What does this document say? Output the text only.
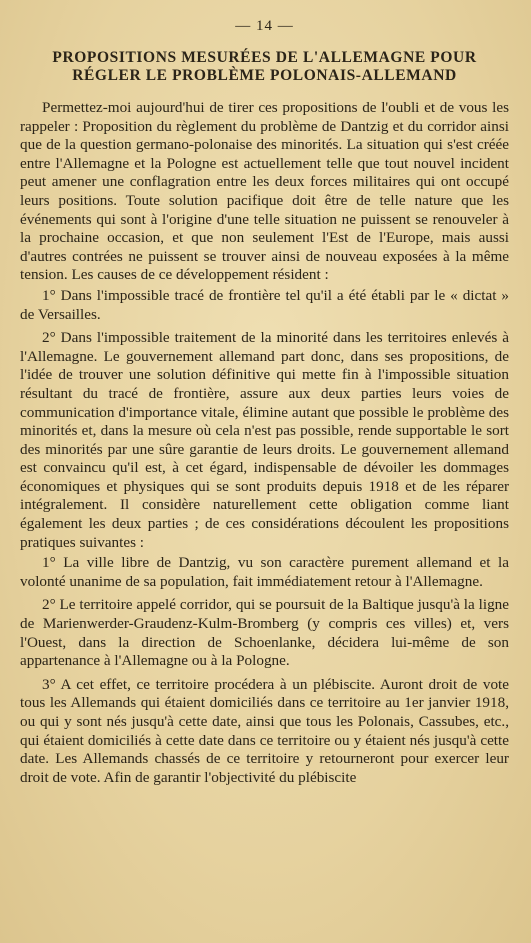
— 14 —
PROPOSITIONS MESURÉES DE L'ALLEMAGNE POUR
RÉGLER LE PROBLÈME POLONAIS-ALLEMAND

Permettez-moi aujourd'hui de tirer ces propositions de l'oubli et de vous les rappeler : Proposition du règlement du problème de Dantzig et du corridor ainsi que de la question germano-polonaise des minorités. La situation qui s'est créée entre l'Allemagne et la Pologne est actuellement telle que tout nouvel incident peut amener une conflagration entre les deux forces militaires qui ont occupé leurs positions. Toute solution pacifique doit être de telle nature que les événements qui sont à l'origine d'une telle situation ne puissent se renouveler à la prochaine occasion, et que non seulement l'Est de l'Europe, mais aussi d'autres contrées ne puissent se trouver ainsi de nouveau exposées à la même tension. Les causes de ce développement résident :

1° Dans l'impossible tracé de frontière tel qu'il a été établi par le « dictat » de Versailles.

2° Dans l'impossible traitement de la minorité dans les territoires enlevés à l'Allemagne. Le gouvernement allemand part donc, dans ses propositions, de l'idée de trouver une solution définitive qui mette fin à l'impossible situation résultant du tracé de frontière, assure aux deux parties leurs voies de communication d'importance vitale, élimine autant que possible le problème des minorités et, dans la mesure où cela n'est pas possible, rende supportable le sort des minorités par une sûre garantie de leurs droits. Le gouvernement allemand est convaincu qu'il est, à cet égard, indispensable de dévoiler les dommages économiques et physiques qui se sont produits depuis 1918 et de les réparer intégralement. Il considère naturellement cette obligation comme liant également les deux parties ; de ces considérations découlent les propositions pratiques suivantes :

1° La ville libre de Dantzig, vu son caractère purement allemand et la volonté unanime de sa population, fait immédiatement retour à l'Allemagne.

2° Le territoire appelé corridor, qui se poursuit de la Baltique jusqu'à la ligne de Marienwerder-Graudenz-Kulm-Bromberg (y compris ces villes) et, vers l'Ouest, dans la direction de Schoenlanke, décidera lui-même de son appartenance à l'Allemagne ou à la Pologne.

3° A cet effet, ce territoire procédera à un plébiscite. Auront droit de vote tous les Allemands qui étaient domiciliés dans ce territoire au 1er janvier 1918, ou qui y sont nés jusqu'à cette date, ainsi que tous les Polonais, Cassubes, etc., qui étaient domiciliés à cette date dans ce territoire ou y étaient nés jusqu'à cette date. Les Allemands chassés de ce territoire y retourneront pour exercer leur droit de vote. Afin de garantir l'objectivité du plébiscite
